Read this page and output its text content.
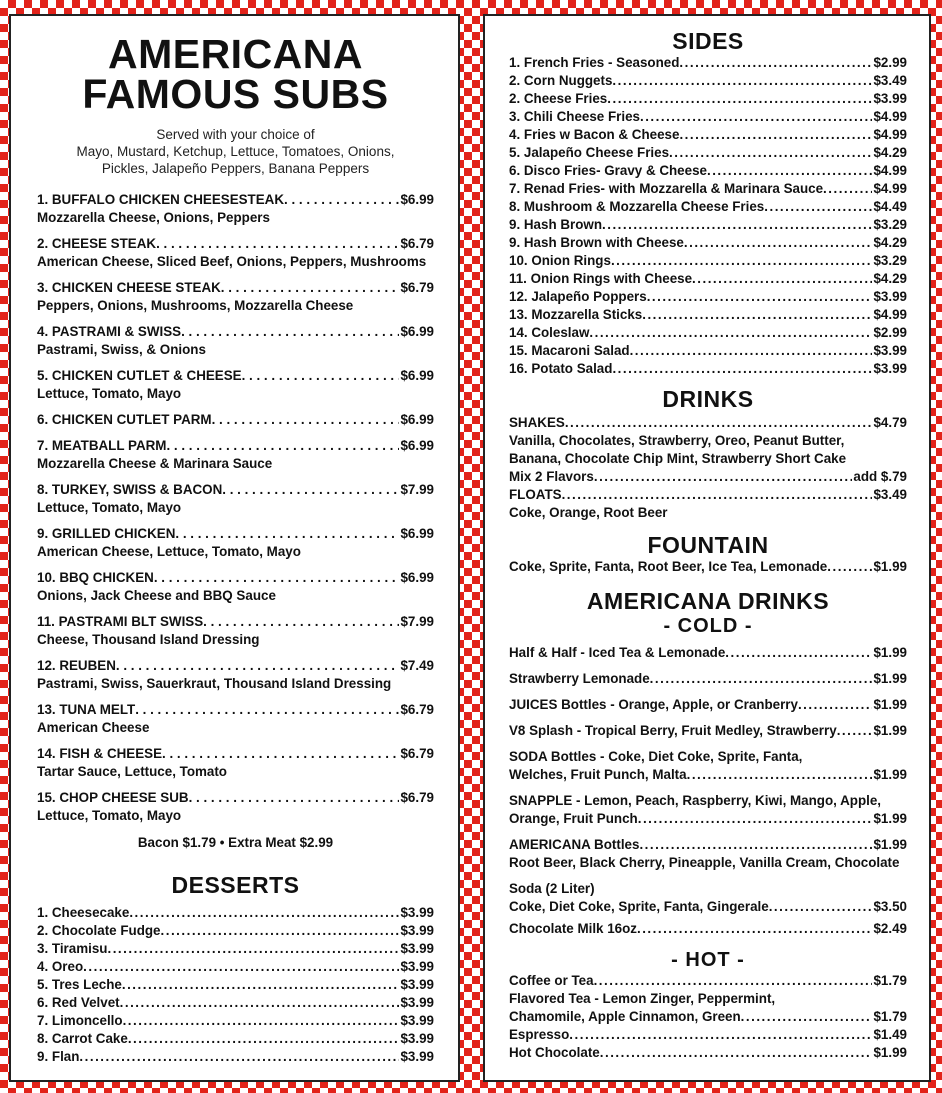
AMERICANA
FAMOUS SUBS
Served with your choice of
Mayo, Mustard, Ketchup, Lettuce, Tomatoes, Onions,
Pickles, Jalapeño Peppers, Banana Peppers
1. BUFFALO CHICKEN CHEESESTEAK . . .	$6.99
Mozzarella Cheese, Onions, Peppers
2. CHEESE STEAK . . .	$6.79
American Cheese, Sliced Beef, Onions, Peppers, Mushrooms
3. CHICKEN CHEESE STEAK . . .	$6.79
Peppers, Onions, Mushrooms, Mozzarella Cheese
4. PASTRAMI & SWISS . . .	$6.99
Pastrami, Swiss, & Onions
5. CHICKEN CUTLET & CHEESE . . .	$6.99
Lettuce, Tomato, Mayo
6. CHICKEN CUTLET PARM . . .	$6.99
7. MEATBALL PARM . . .	$6.99
Mozzarella Cheese & Marinara Sauce
8. TURKEY, SWISS & BACON . . .	$7.99
Lettuce, Tomato, Mayo
9. GRILLED CHICKEN . . .	$6.99
American Cheese, Lettuce, Tomato, Mayo
10. BBQ CHICKEN . . .	$6.99
Onions, Jack Cheese and BBQ Sauce
11. PASTRAMI BLT SWISS . . .	$7.99
Cheese, Thousand Island Dressing
12. REUBEN . . .	$7.49
Pastrami, Swiss, Sauerkraut, Thousand Island Dressing
13. TUNA MELT . . .	$6.79
American Cheese
14. FISH & CHEESE . . .	$6.79
Tartar Sauce, Lettuce, Tomato
15. CHOP CHEESE SUB . . .	$6.79
Lettuce, Tomato, Mayo
Bacon $1.79 • Extra Meat $2.99
DESSERTS
1. Cheesecake .....	$3.99
2. Chocolate Fudge .....	$3.99
3. Tiramisu .....	$3.99
4. Oreo .....	$3.99
5. Tres Leche .....	$3.99
6. Red Velvet .....	$3.99
7. Limoncello .....	$3.99
8. Carrot Cake .....	$3.99
9. Flan .....	$3.99
SIDES
1. French Fries - Seasoned .....	$2.99
2. Corn Nuggets .....	$3.49
2. Cheese Fries .....	$3.99
3. Chili Cheese Fries .....	$4.99
4. Fries w Bacon & Cheese .....	$4.99
5. Jalapeño Cheese Fries .....	$4.29
6. Disco Fries- Gravy & Cheese .....	$4.99
7. Renad Fries- with Mozzarella & Marinara Sauce .....	$4.99
8. Mushroom & Mozzarella Cheese Fries .....	$4.49
9. Hash Brown .....	$3.29
9. Hash Brown with Cheese .....	$4.29
10. Onion Rings .....	$3.29
11. Onion Rings with Cheese .....	$4.29
12. Jalapeño Poppers .....	$3.99
13. Mozzarella Sticks .....	$4.99
14. Coleslaw .....	$2.99
15. Macaroni Salad .....	$3.99
16. Potato Salad .....	$3.99
DRINKS
SHAKES .....	$4.79
Vanilla, Chocolates, Strawberry, Oreo, Peanut Butter,
Banana, Chocolate Chip Mint, Strawberry Short Cake
Mix 2 Flavors .....	add $.79
FLOATS .....	$3.49
Coke, Orange, Root Beer
FOUNTAIN
Coke, Sprite, Fanta, Root Beer, Ice Tea, Lemonade .....	$1.99
AMERICANA DRINKS
- COLD -
Half & Half - Iced Tea & Lemonade .....	$1.99
Strawberry Lemonade .....	$1.99
JUICES Bottles - Orange, Apple, or Cranberry .....	$1.99
V8 Splash - Tropical Berry, Fruit Medley, Strawberry .....	$1.99
SODA Bottles - Coke, Diet Coke, Sprite, Fanta,
Welches, Fruit Punch, Malta .....	$1.99
SNAPPLE - Lemon, Peach, Raspberry, Kiwi, Mango, Apple,
Orange, Fruit Punch .....	$1.99
AMERICANA Bottles .....	$1.99
Root Beer, Black Cherry, Pineapple, Vanilla Cream, Chocolate
Soda (2 Liter)
Coke, Diet Coke, Sprite, Fanta, Gingerale .....	$3.50
Chocolate Milk 16oz .....	$2.49
- HOT -
Coffee or Tea .....	$1.79
Flavored Tea - Lemon Zinger, Peppermint,
Chamomile, Apple Cinnamon, Green .....	$1.79
Espresso .....	$1.49
Hot Chocolate .....	$1.99
